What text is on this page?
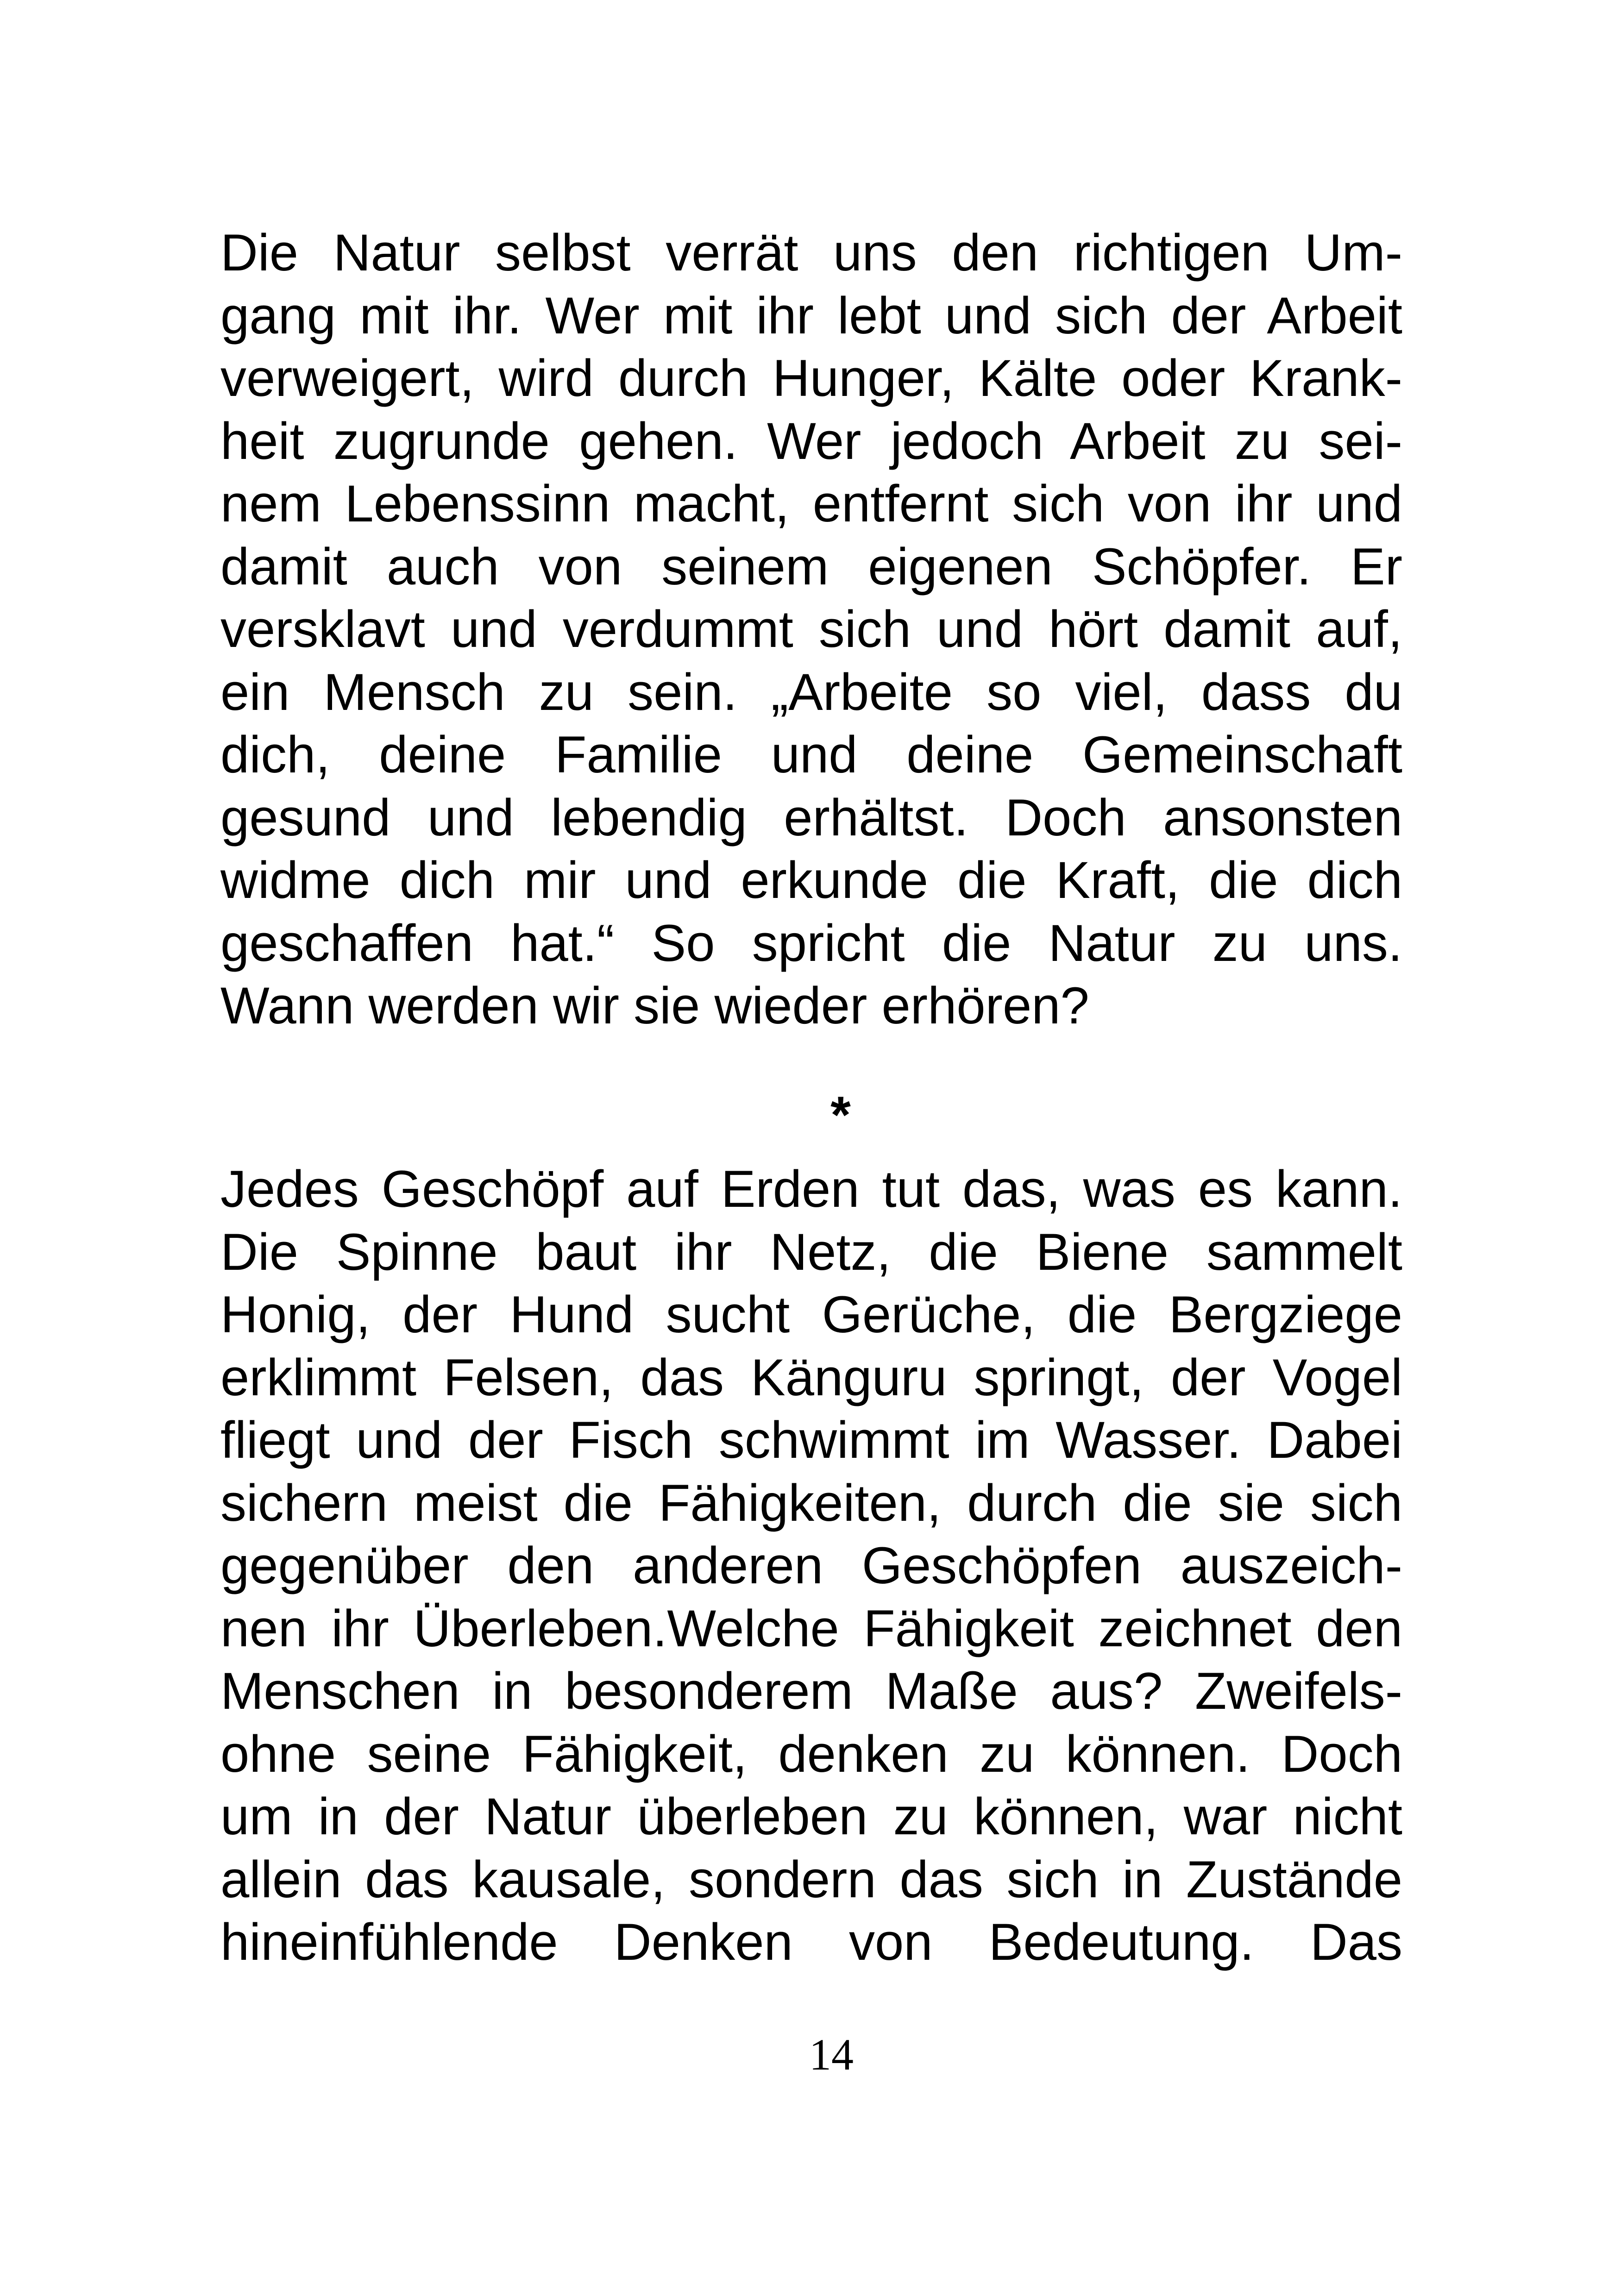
Die Natur selbst verrät uns den richtigen Um-
gang mit ihr. Wer mit ihr lebt und sich der Arbeit
verweigert, wird durch Hunger, Kälte oder Krank-
heit zugrunde gehen. Wer jedoch Arbeit zu sei-
nem Lebenssinn macht, entfernt sich von ihr und
damit auch von seinem eigenen Schöpfer. Er
versklavt und verdummt sich und hört damit auf,
ein Mensch zu sein. „Arbeite so viel, dass du
dich, deine Familie und deine Gemeinschaft
gesund und lebendig erhältst. Doch ansonsten
widme dich mir und erkunde die Kraft, die dich
geschaffen hat.“ So spricht die Natur zu uns.
Wann werden wir sie wieder erhören?
*
Jedes Geschöpf auf Erden tut das, was es kann.
Die Spinne baut ihr Netz, die Biene sammelt
Honig, der Hund sucht Gerüche, die Bergziege
erklimmt Felsen, das Känguru springt, der Vogel
fliegt und der Fisch schwimmt im Wasser. Dabei
sichern meist die Fähigkeiten, durch die sie sich
gegenüber den anderen Geschöpfen auszeich-
nen ihr Überleben.Welche Fähigkeit zeichnet den
Menschen in besonderem Maße aus? Zweifels-
ohne seine Fähigkeit, denken zu können. Doch
um in der Natur überleben zu können, war nicht
allein das kausale, sondern das sich in Zustände
hineinfühlende Denken von Bedeutung. Das
14
